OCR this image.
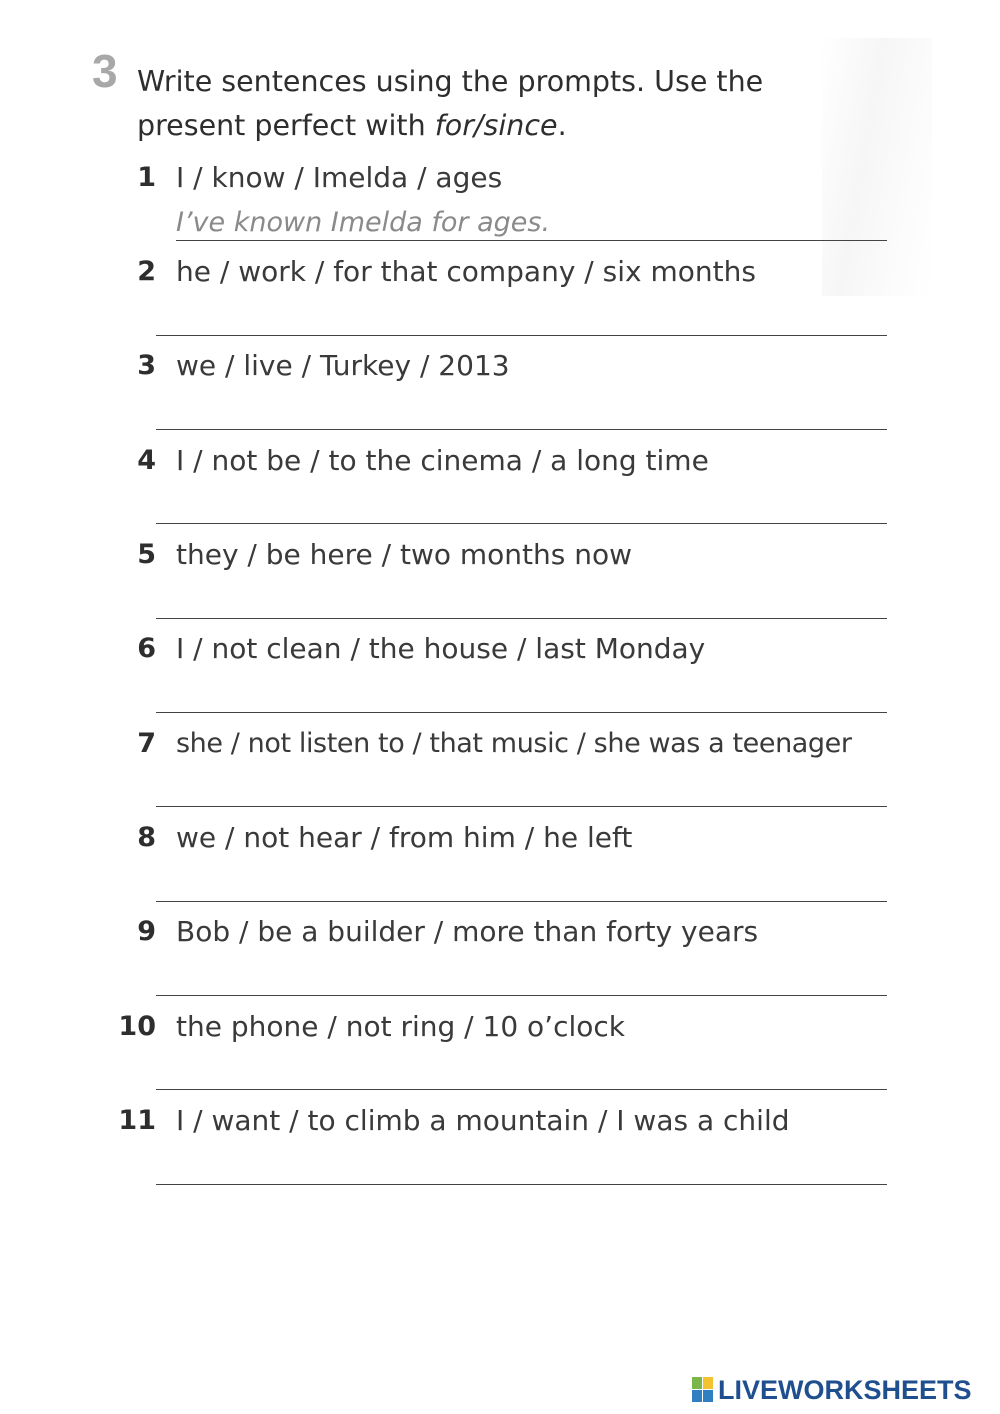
3 Write sentences using the prompts. Use the
present perfect with for/since.
1 I / know / Imelda / ages
I’ve known Imelda for ages.
2 he / work / for that company / six months
3 we / live / Turkey / 2013
4 I / not be / to the cinema / a long time
5 they / be here / two months now
6 I / not clean / the house / last Monday
7 she / not listen to / that music / she was a teenager
8 we / not hear / from him / he left
9 Bob / be a builder / more than forty years
10 the phone / not ring / 10 o’clock
11 I / want / to climb a mountain / I was a child
LIVEWORKSHEETS
